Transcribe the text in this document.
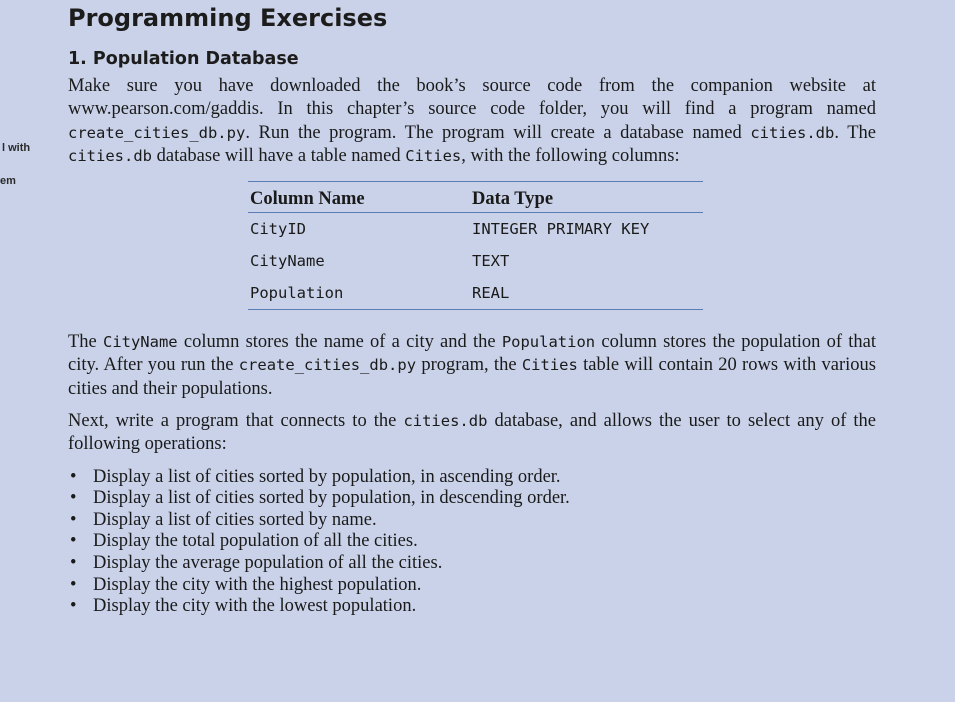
l with
em
Programming Exercises
1. Population Database

Make sure you have downloaded the book’s source code from the companion website at www.pearson.com/gaddis. In this chapter’s source code folder, you will find a program named create_cities_db.py. Run the program. The program will create a database named cities.db. The cities.db database will have a table named Cities, with the following columns:

Column Name	Data Type
CityID	INTEGER PRIMARY KEY
CityName	TEXT
Population	REAL

The CityName column stores the name of a city and the Population column stores the population of that city. After you run the create_cities_db.py program, the Cities table will contain 20 rows with various cities and their populations.

Next, write a program that connects to the cities.db database, and allows the user to select any of the following operations:

• Display a list of cities sorted by population, in ascending order.
• Display a list of cities sorted by population, in descending order.
• Display a list of cities sorted by name.
• Display the total population of all the cities.
• Display the average population of all the cities.
• Display the city with the highest population.
• Display the city with the lowest population.
